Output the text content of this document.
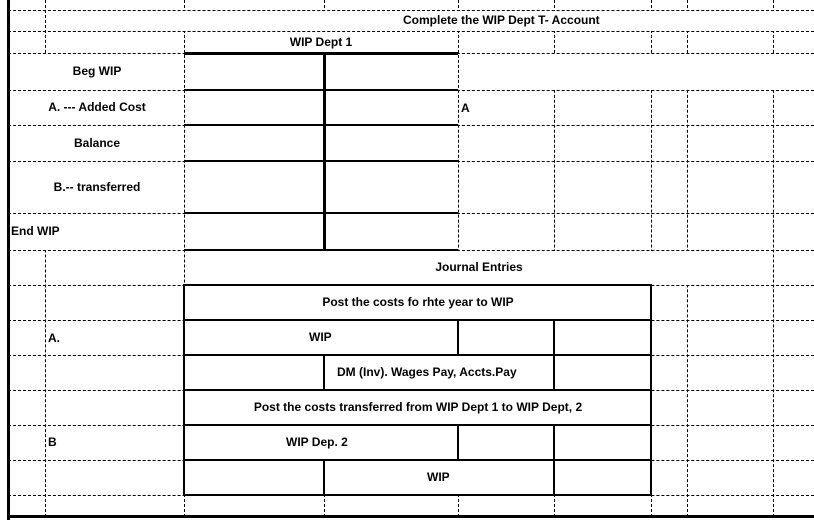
Complete the WIP Dept T- Account
WIP Dept 1
Beg WIP
A. --- Added Cost
Balance
B.-- transferred
End WIP
A
Journal Entries
Post the costs fo rhte year to WIP
A.	WIP
DM (Inv). Wages Pay, Accts.Pay
Post the costs transferred from WIP Dept 1 to WIP Dept, 2
B	WIP Dep. 2
WIP
